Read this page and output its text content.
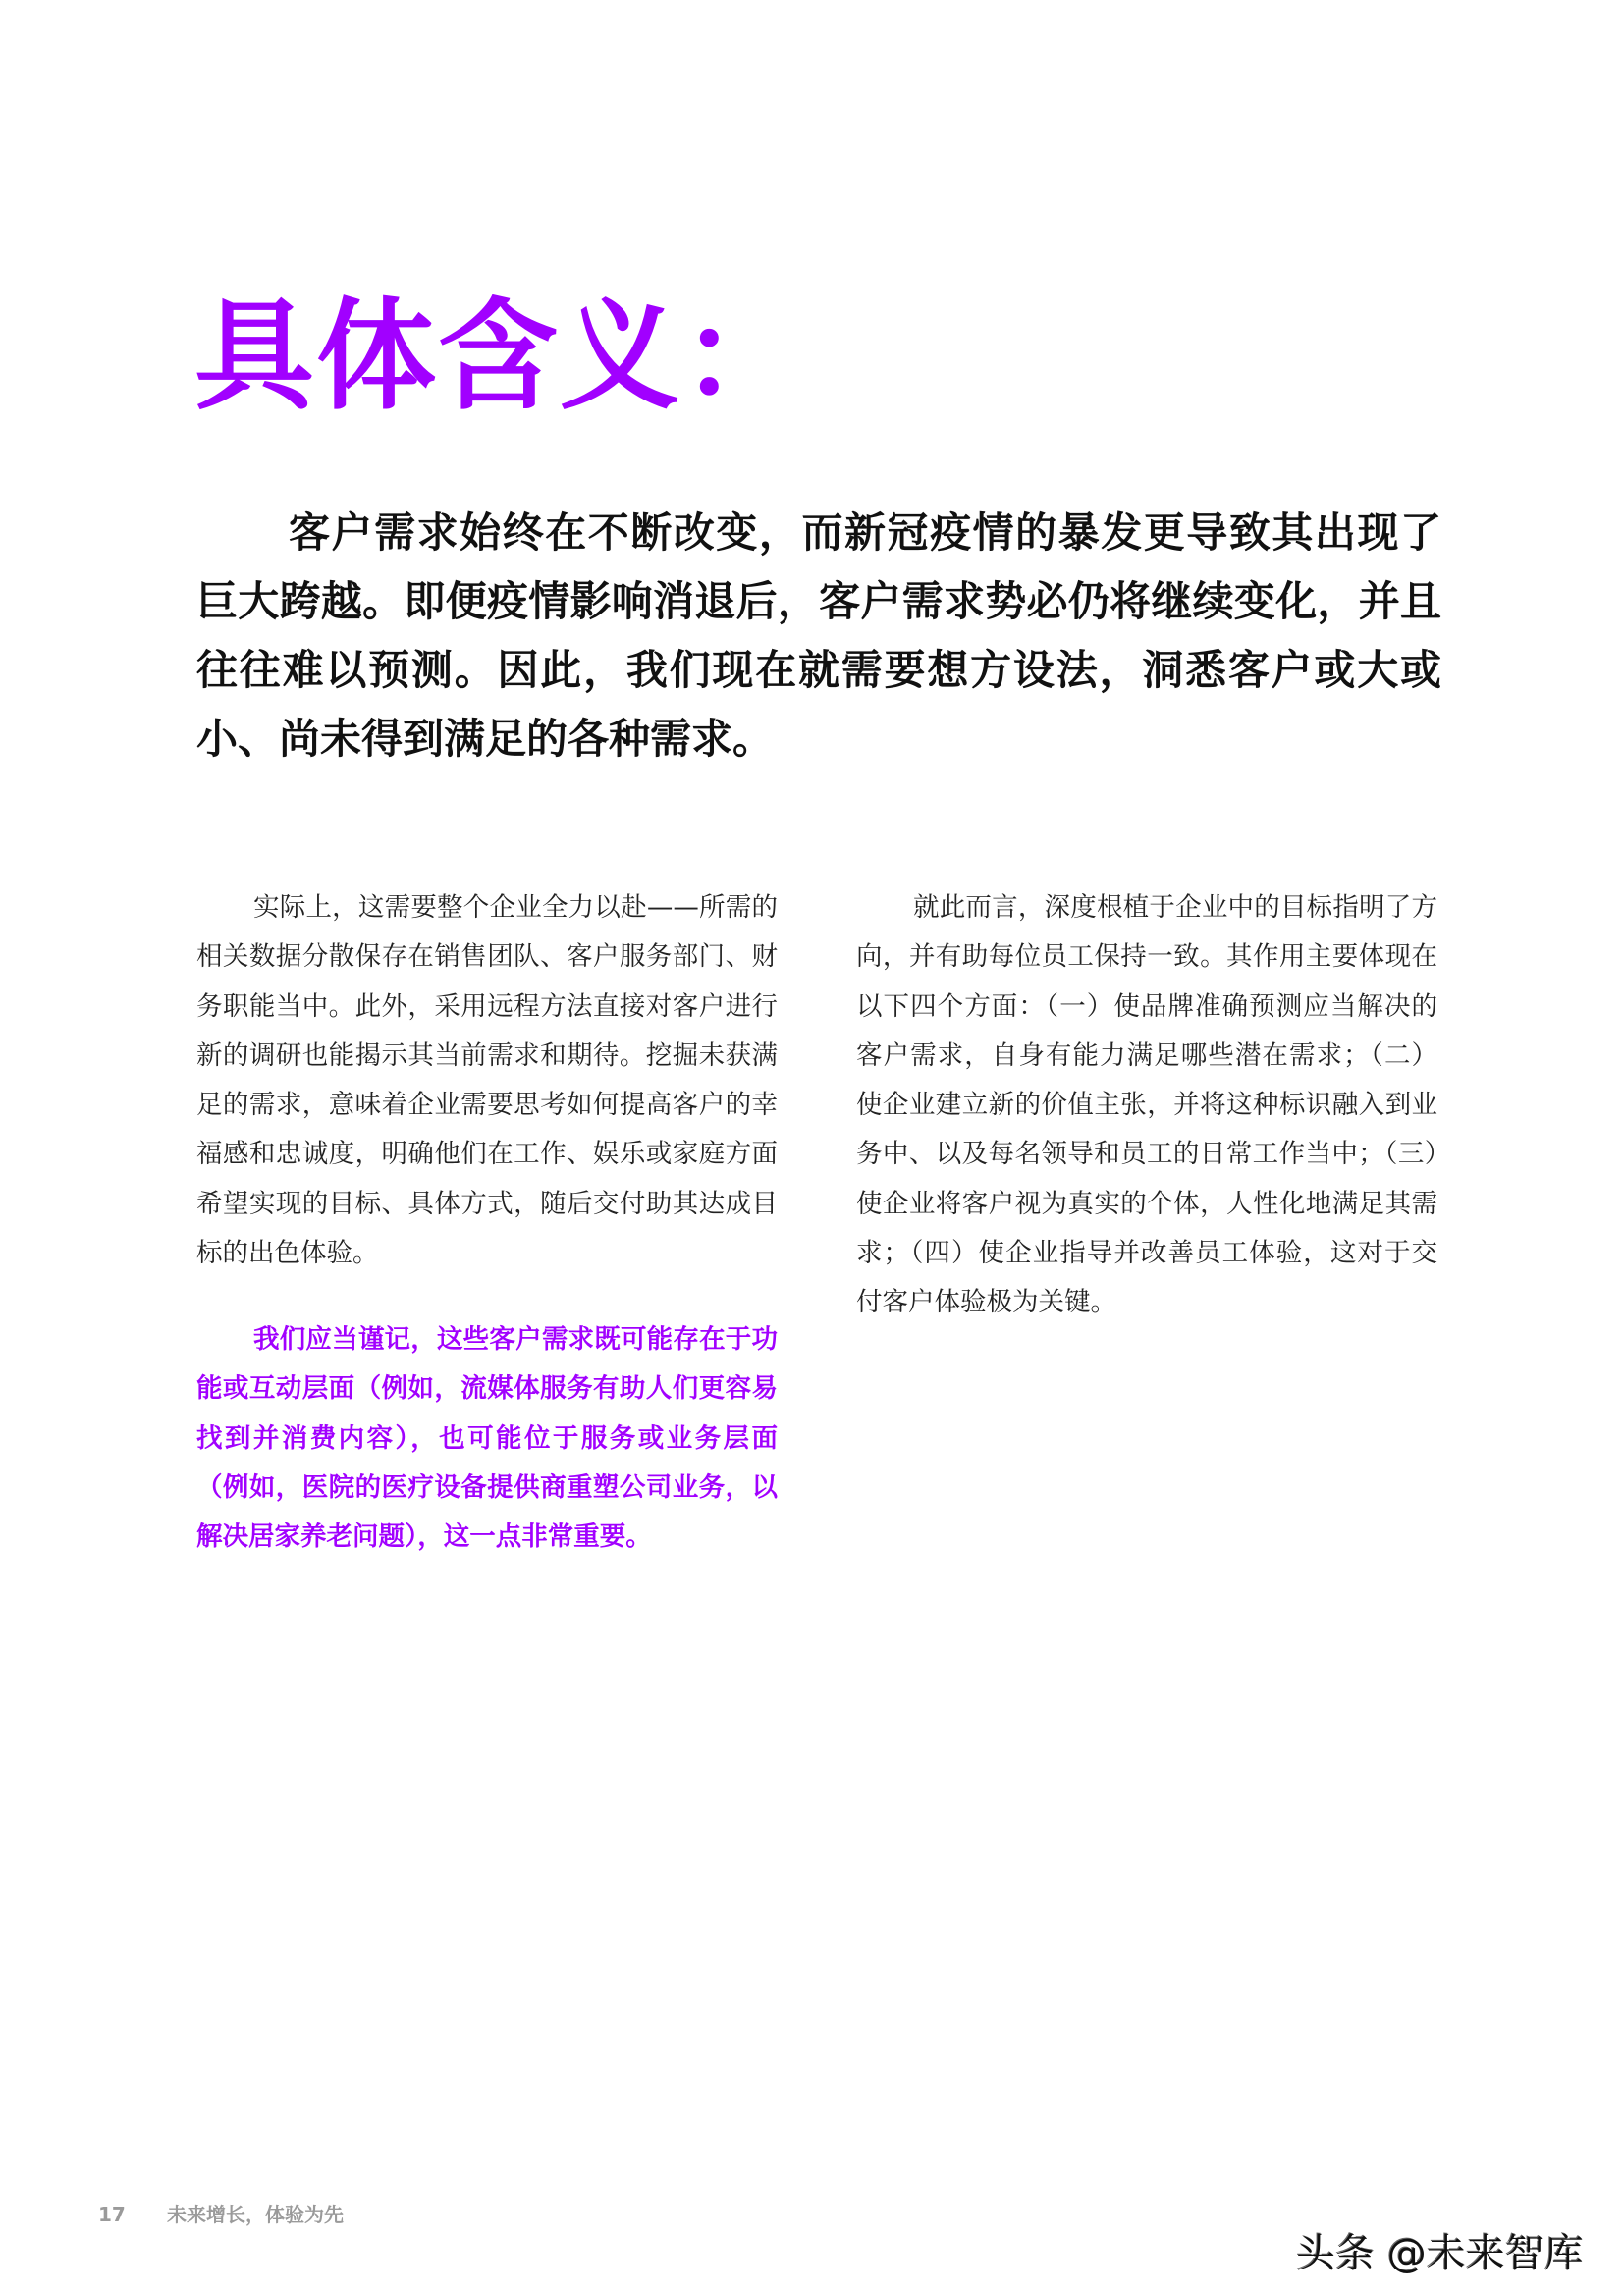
具体含义：

客户需求始终在不断改变，而新冠疫情的暴发更导致其出现了巨大跨越。即便疫情影响消退后，客户需求势必仍将继续变化，并且往往难以预测。因此，我们现在就需要想方设法，洞悉客户或大或小、尚未得到满足的各种需求。

实际上，这需要整个企业全力以赴——所需的相关数据分散保存在销售团队、客户服务部门、财务职能当中。此外，采用远程方法直接对客户进行新的调研也能揭示其当前需求和期待。挖掘未获满足的需求，意味着企业需要思考如何提高客户的幸福感和忠诚度，明确他们在工作、娱乐或家庭方面希望实现的目标、具体方式，随后交付助其达成目标的出色体验。

我们应当谨记，这些客户需求既可能存在于功能或互动层面（例如，流媒体服务有助人们更容易找到并消费内容），也可能位于服务或业务层面（例如，医院的医疗设备提供商重塑公司业务，以解决居家养老问题），这一点非常重要。

就此而言，深度根植于企业中的目标指明了方向，并有助每位员工保持一致。其作用主要体现在以下四个方面：（一）使品牌准确预测应当解决的客户需求，自身有能力满足哪些潜在需求；（二）使企业建立新的价值主张，并将这种标识融入到业务中、以及每名领导和员工的日常工作当中；（三）使企业将客户视为真实的个体，人性化地满足其需求；（四）使企业指导并改善员工体验，这对于交付客户体验极为关键。

17 未来增长，体验为先
头条 @未来智库
